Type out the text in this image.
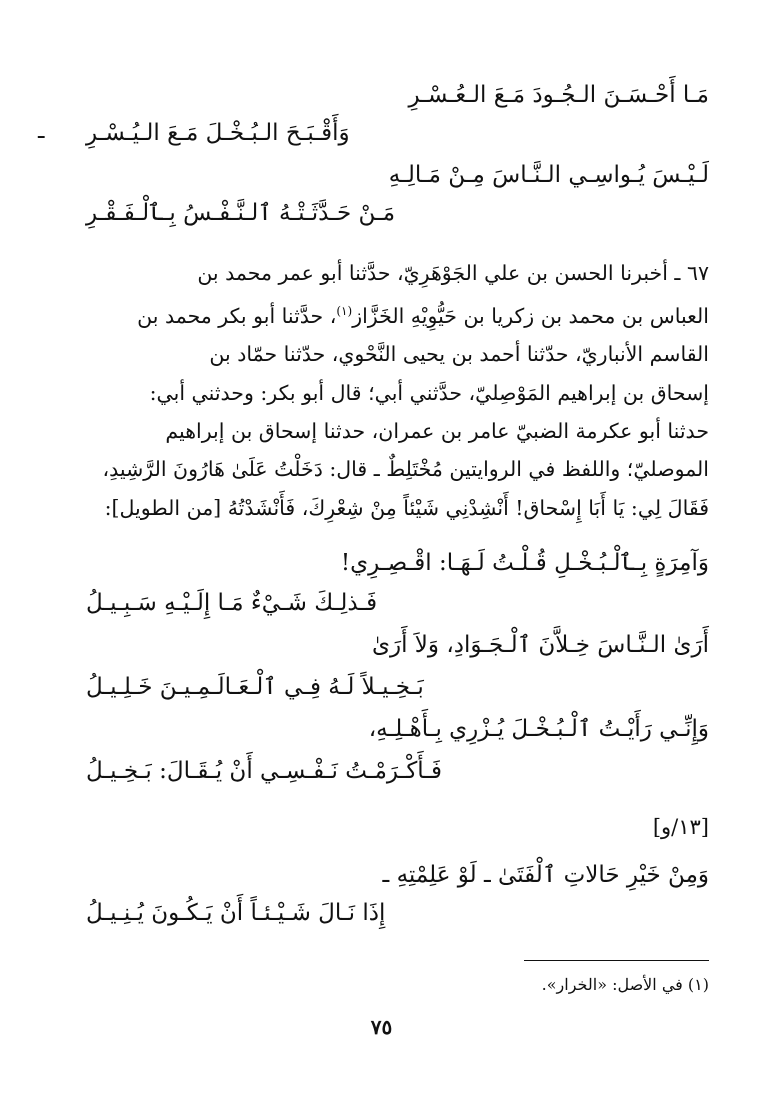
مَـا أَحْـسَـنَ الـجُـودَ مَـعَ الـعُـسْـرِ
وَأَقْـبَـحَ الـبُـخْـلَ مَـعَ الـيُـسْـرِ
ـ
لَـيْـسَ يُـواسِـي الـنَّـاسَ مِـنْ مَـالِـهِ
مَـنْ حَـدَّثَـتْـهُ ٱلـنَّـفْـسُ بِـٱلْـفَـقْـرِ

٦٧ ـ أخبرنا الحسن بن علي الجَوْهَرِيّ، حدَّثنا أبو عمر محمد بن

العباس بن محمد بن زكريا بن حَيُّوِيْهِ الخَزَّاز$^{(١)}$، حدَّثنا أبو بكر محمد بن

القاسم الأنباريّ، حدّثنا أحمد بن يحيى النَّحْوي، حدّثنا حمّاد بن

إسحاق بن إبراهيم المَوْصِليّ، حدَّثني أبي؛ قال أبو بكر: وحدثني أبي:

حدثنا أبو عكرمة الضبيّ عامر بن عمران، حدثنا إسحاق بن إبراهيم

الموصليّ؛ واللفظ في الروايتين مُخْتَلِطٌ ـ قال: دَخَلْتُ عَلَىٰ هَارُونَ الرَّشِيدِ،

فَقَالَ لِي: يَا أَبَا إِسْحاق! أَنْشِدْنِي شَيْئاً مِنْ شِعْرِكَ، فَأَنْشَدْتُهُ [من الطويل]:

وَآمِرَةٍ بِـٱلْـبُـخْـلِ قُـلْـتُ لَـهَـا: اقْـصِـرِي!
فَـذلِـكَ شَـيْءٌ مَـا إِلَـيْـهِ سَـبِـيـلُ
أَرَىٰ الـنَّـاسَ خِـلاَّنَ ٱلْـجَـوَادِ، وَلاَ أَرَىٰ
بَـخِـيـلاً لَـهُ فِـي ٱلْـعَـالَـمِـيـنَ خَـلِـيـلُ
وَإِنِّـي رَأَيْـتُ ٱلْـبُـخْـلَ يُـزْرِي بِـأَهْـلِـهِ،
فَـأَكْـرَمْـتُ نَـفْـسِـي أَنْ يُـقَـالَ: بَـخِـيـلُ
[١٣/و]
وَمِنْ خَيْرِ حَالاتِ ٱلْفَتَىٰ ـ لَوْ عَلِمْتِهِ ـ
إِذَا نَـالَ شَـيْـئـاً أَنْ يَـكُـونَ يُـنِـيـلُ
(١) في الأصل: «الخرار».
٧٥
